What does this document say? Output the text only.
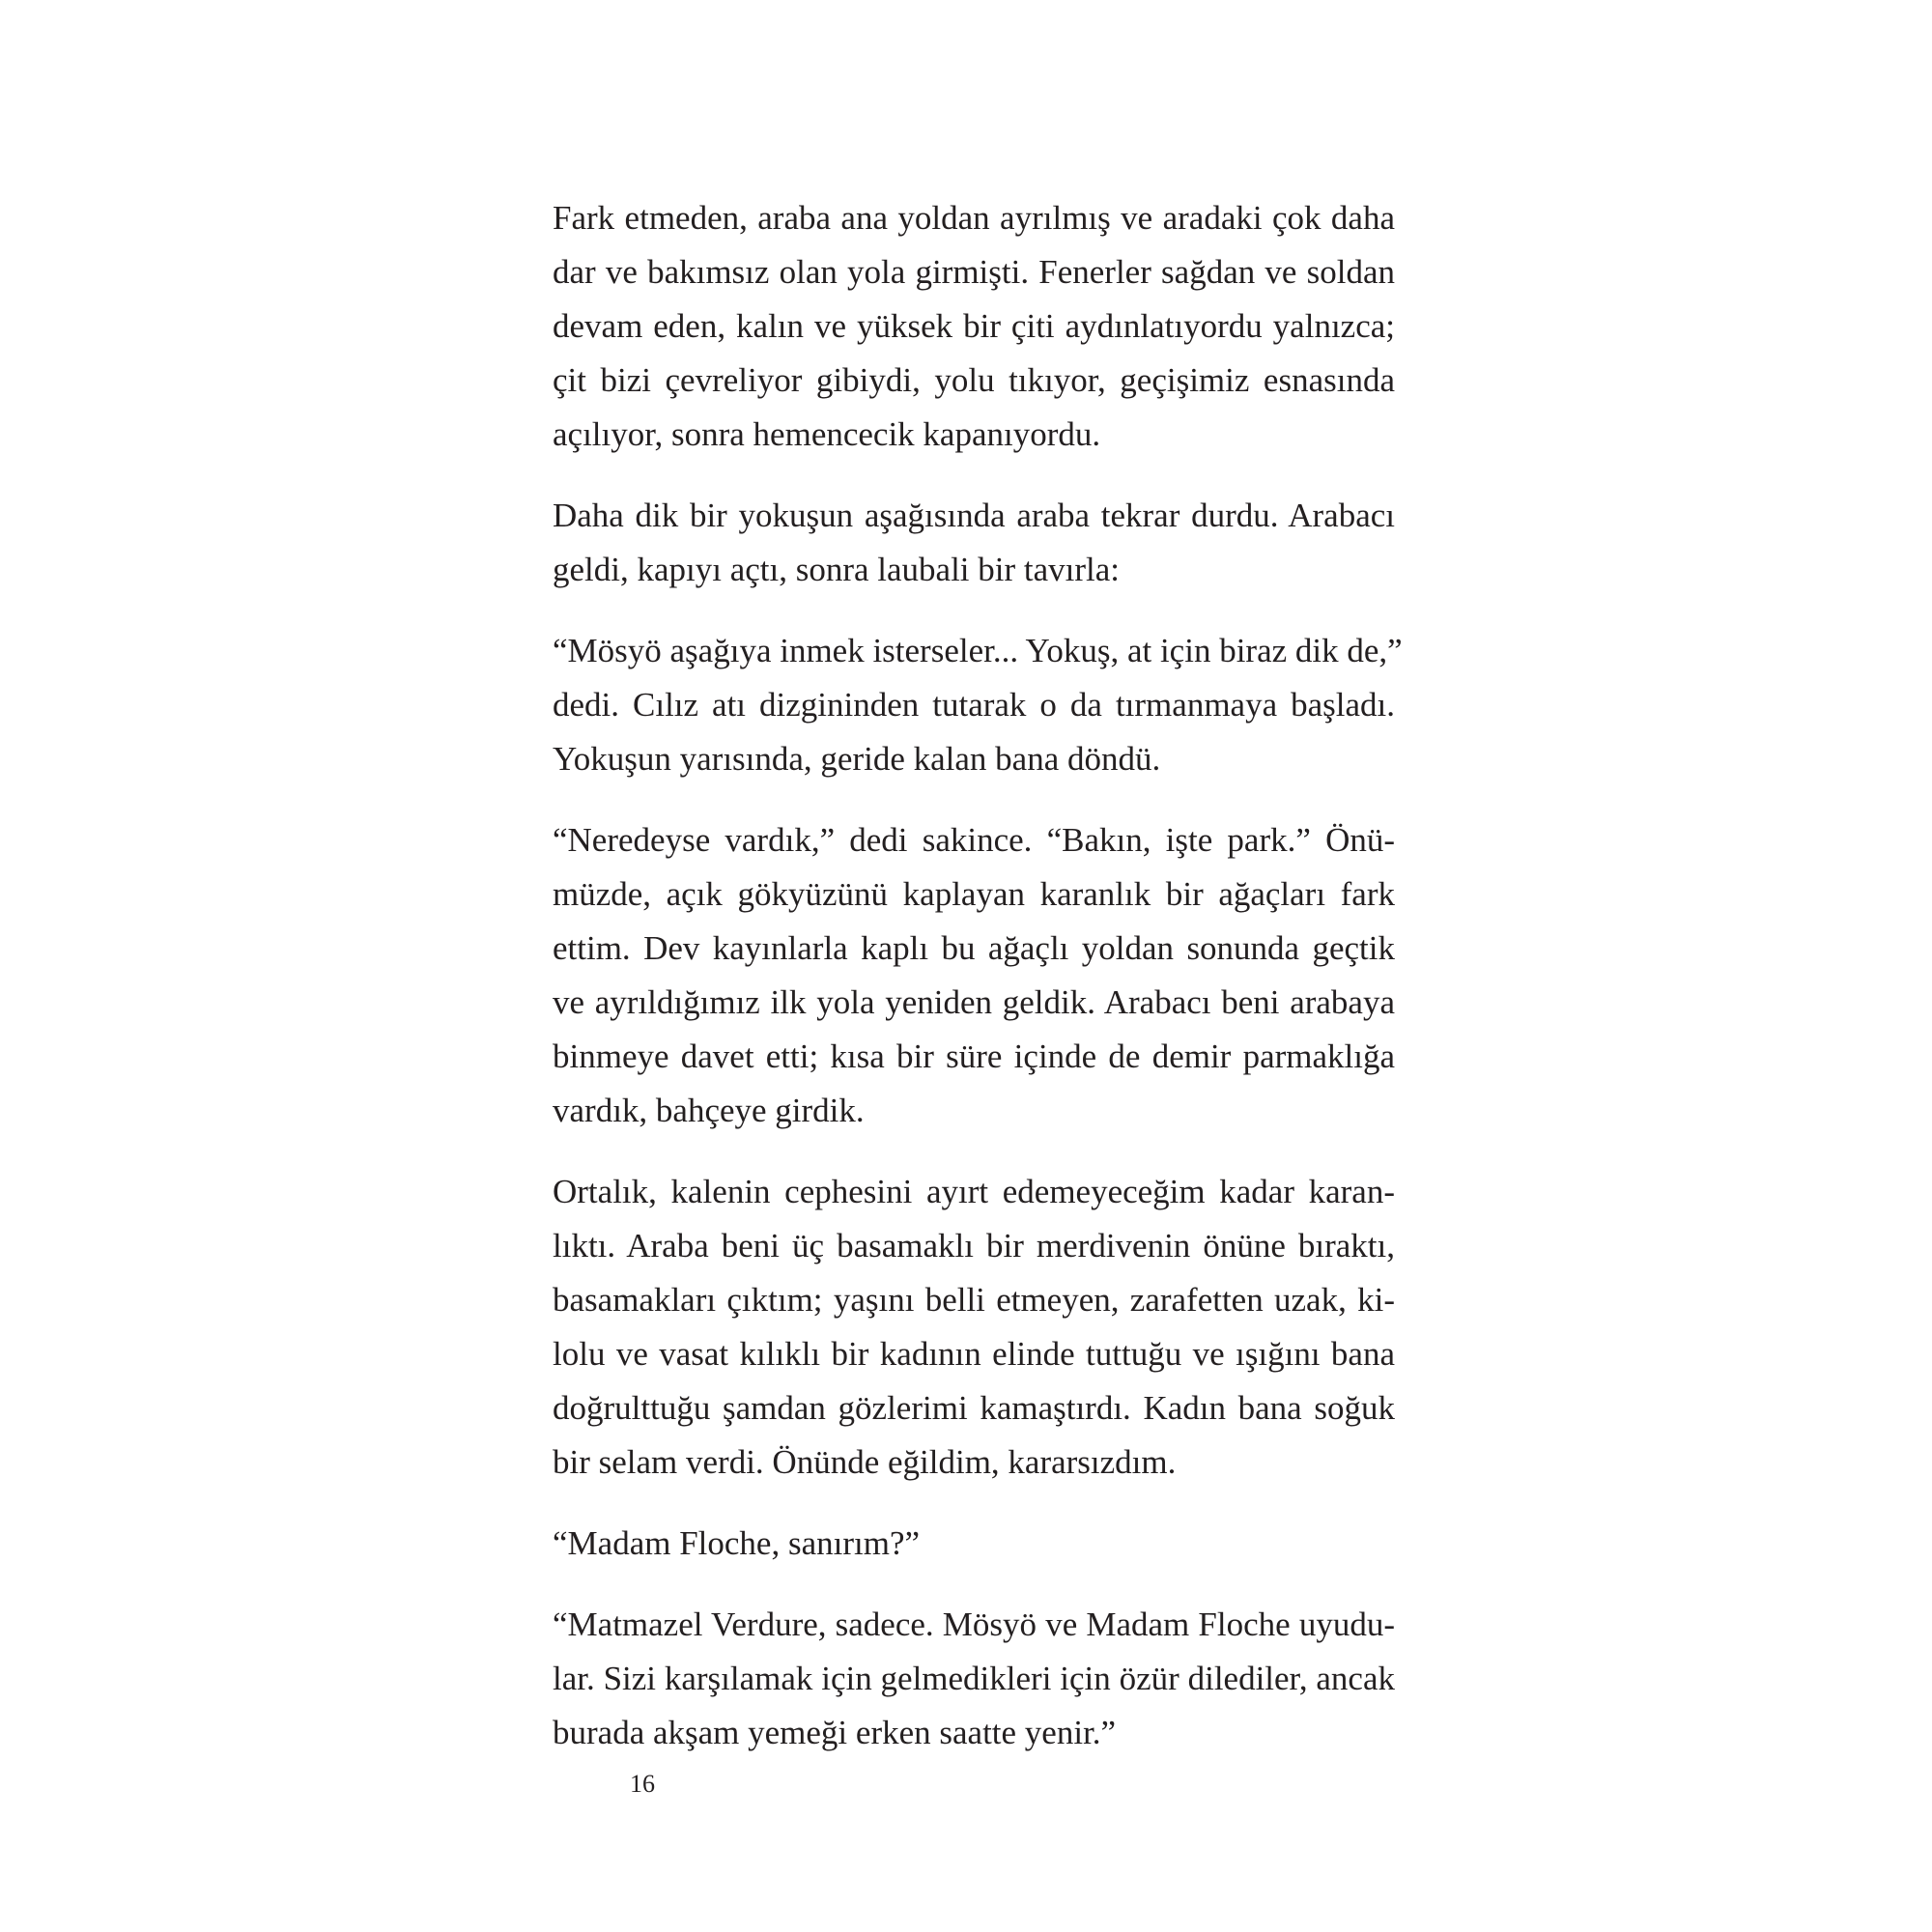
Fark etmeden, araba ana yoldan ayrılmış ve aradaki çok daha
dar ve bakımsız olan yola girmişti. Fenerler sağdan ve soldan
devam eden, kalın ve yüksek bir çiti aydınlatıyordu yalnızca;
çit bizi çevreliyor gibiydi, yolu tıkıyor, geçişimiz esnasında
açılıyor, sonra hemencecik kapanıyordu.

Daha dik bir yokuşun aşağısında araba tekrar durdu. Arabacı
geldi, kapıyı açtı, sonra laubali bir tavırla:

“Mösyö aşağıya inmek isterseler... Yokuş, at için biraz dik de,”
dedi. Cılız atı dizgininden tutarak o da tırmanmaya başladı.
Yokuşun yarısında, geride kalan bana döndü.

“Neredeyse vardık,” dedi sakince. “Bakın, işte park.” Önü-
müzde, açık gökyüzünü kaplayan karanlık bir ağaçları fark
ettim. Dev kayınlarla kaplı bu ağaçlı yoldan sonunda geçtik
ve ayrıldığımız ilk yola yeniden geldik. Arabacı beni arabaya
binmeye davet etti; kısa bir süre içinde de demir parmaklığa
vardık, bahçeye girdik.

Ortalık, kalenin cephesini ayırt edemeyeceğim kadar karan-
lıktı. Araba beni üç basamaklı bir merdivenin önüne bıraktı,
basamakları çıktım; yaşını belli etmeyen, zarafetten uzak, ki-
lolu ve vasat kılıklı bir kadının elinde tuttuğu ve ışığını bana
doğrulttuğu şamdan gözlerimi kamaştırdı. Kadın bana soğuk
bir selam verdi. Önünde eğildim, kararsızdım.

“Madam Floche, sanırım?”

“Matmazel Verdure, sadece. Mösyö ve Madam Floche uyudu-
lar. Sizi karşılamak için gelmedikleri için özür dilediler, ancak
burada akşam yemeği erken saatte yenir.”

16
